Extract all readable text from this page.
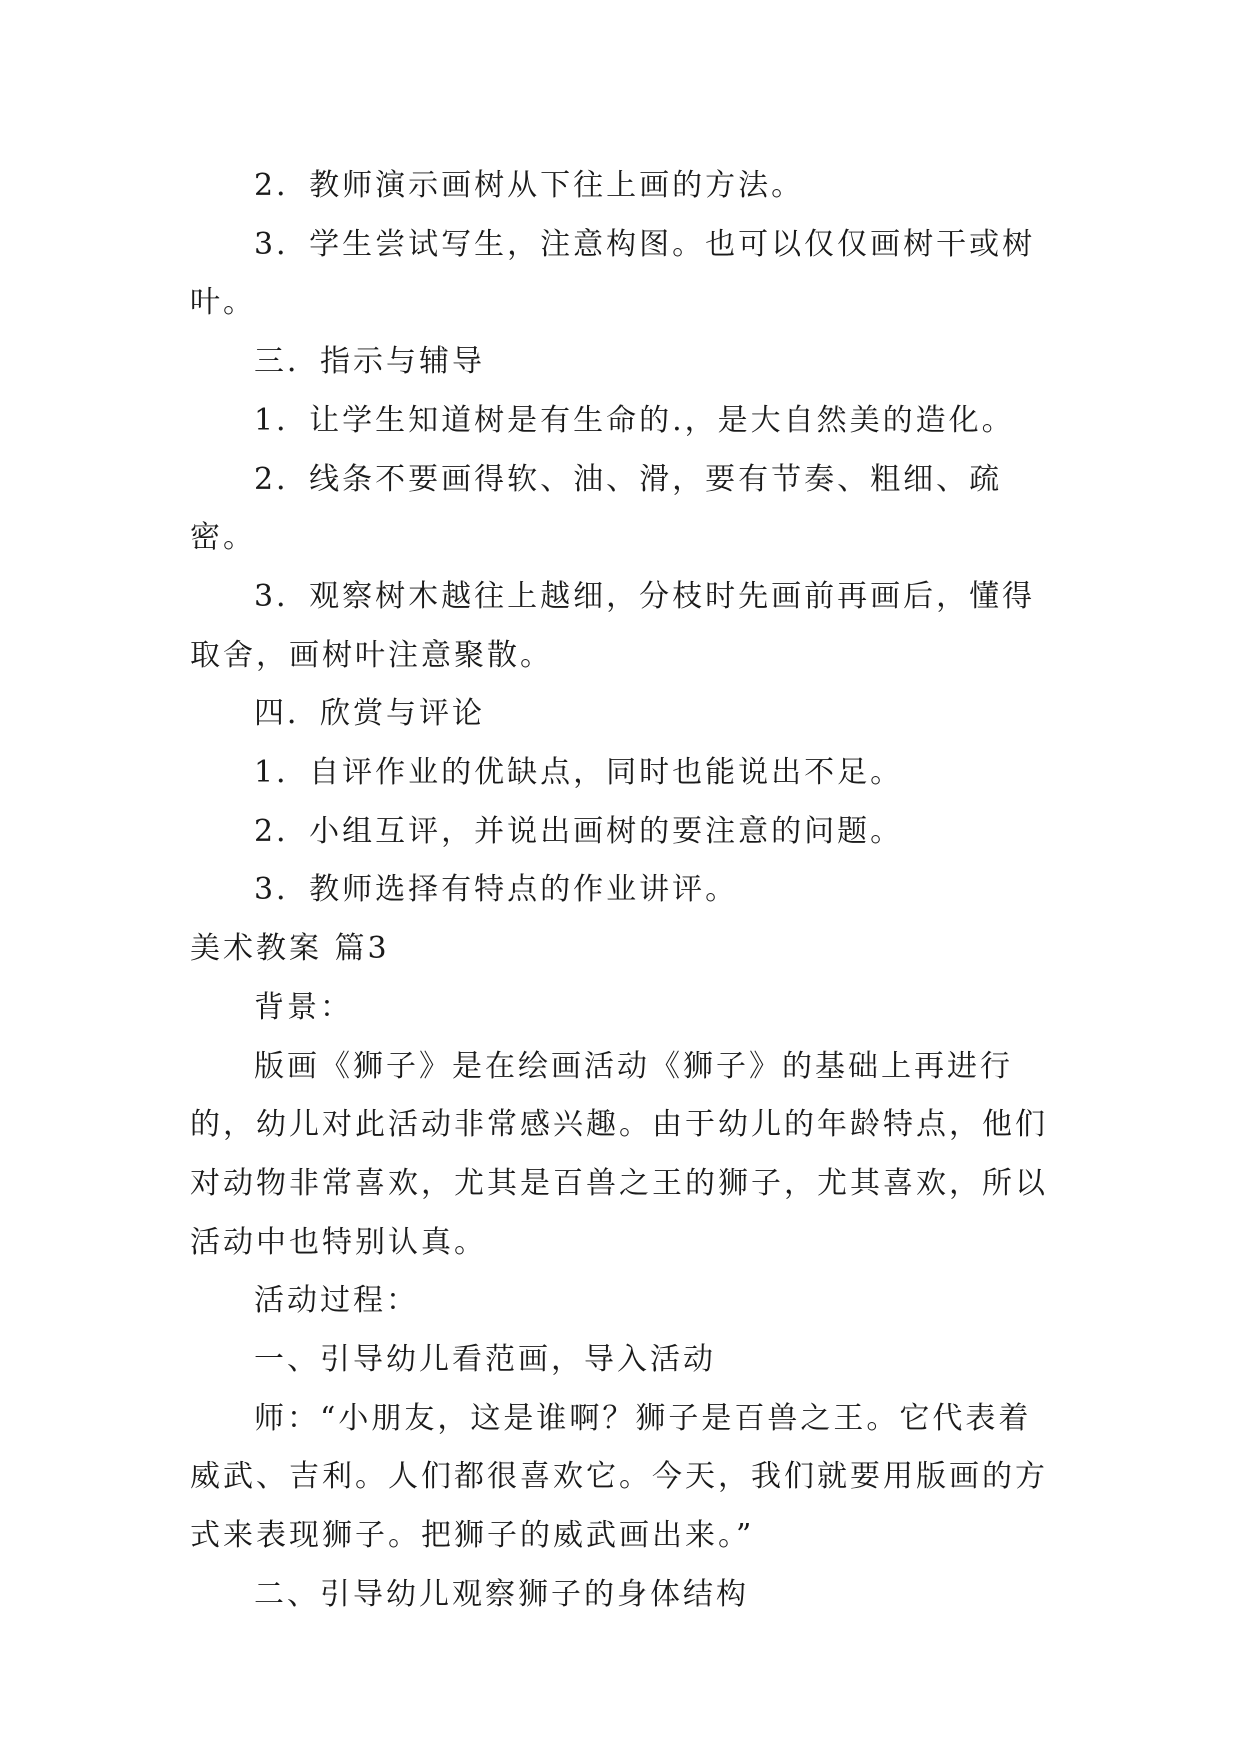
2．教师演示画树从下往上画的方法。

3．学生尝试写生，注意构图。也可以仅仅画树干或树叶。

三．指示与辅导

1．让学生知道树是有生命的.，是大自然美的造化。

2．线条不要画得软、油、滑，要有节奏、粗细、疏密。

3．观察树木越往上越细，分枝时先画前再画后，懂得取舍，画树叶注意聚散。

四．欣赏与评论

1．自评作业的优缺点，同时也能说出不足。

2．小组互评，并说出画树的要注意的问题。

3．教师选择有特点的作业讲评。

美术教案 篇3

背景：

版画《狮子》是在绘画活动《狮子》的基础上再进行的，幼儿对此活动非常感兴趣。由于幼儿的年龄特点，他们对动物非常喜欢，尤其是百兽之王的狮子，尤其喜欢，所以活动中也特别认真。

活动过程：

一、引导幼儿看范画，导入活动

师：“小朋友，这是谁啊？狮子是百兽之王。它代表着威武、吉利。人们都很喜欢它。今天，我们就要用版画的方式来表现狮子。把狮子的威武画出来。”

二、引导幼儿观察狮子的身体结构
